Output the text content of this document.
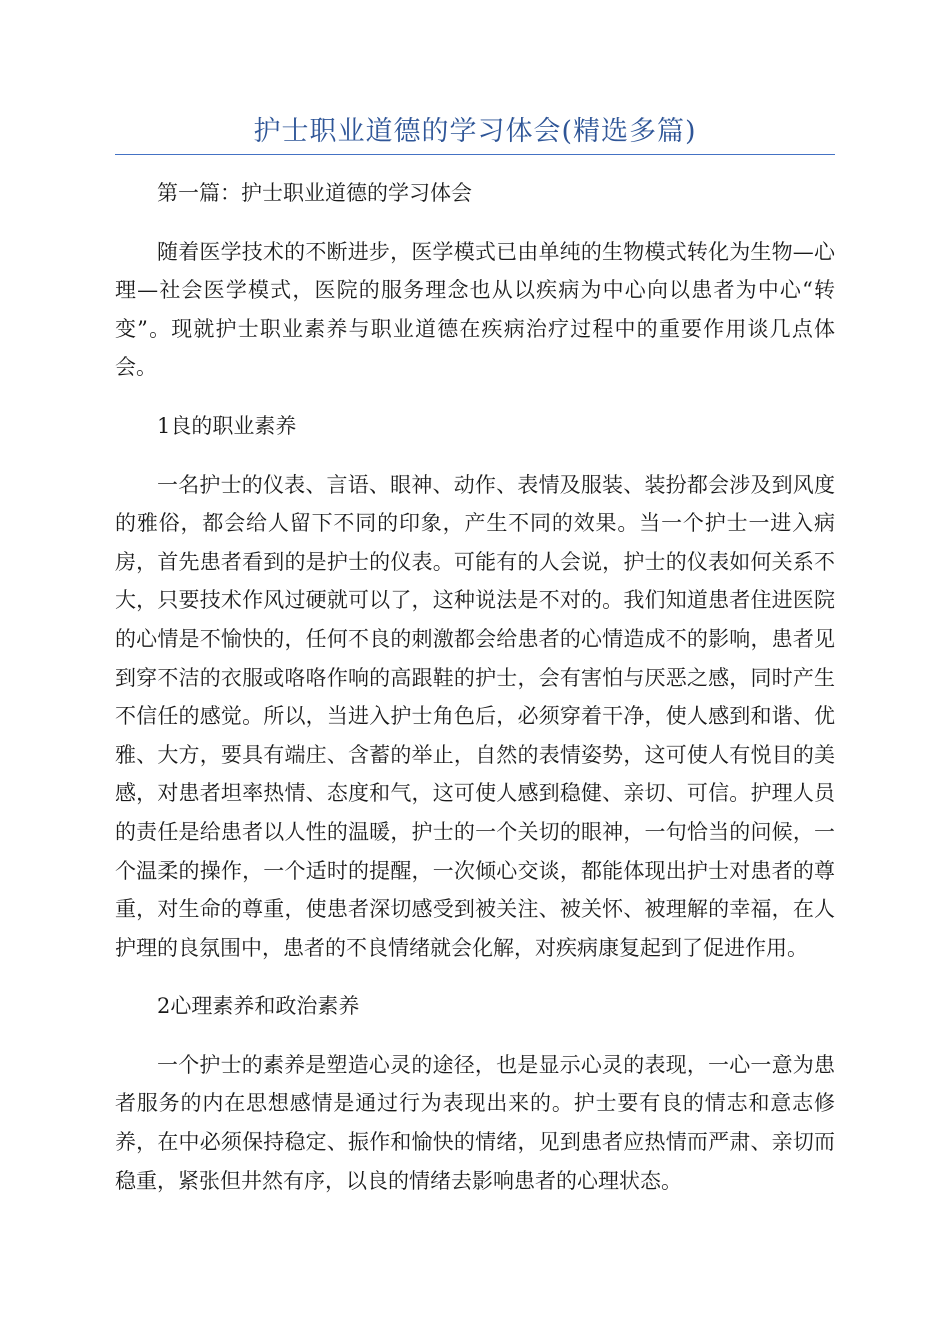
护士职业道德的学习体会(精选多篇)

第一篇：护士职业道德的学习体会

随着医学技术的不断进步，医学模式已由单纯的生物模式转化为生物—心理—社会医学模式，医院的服务理念也从以疾病为中心向以患者为中心“转变”。现就护士职业素养与职业道德在疾病治疗过程中的重要作用谈几点体会。

1良的职业素养

一名护士的仪表、言语、眼神、动作、表情及服装、装扮都会涉及到风度的雅俗，都会给人留下不同的印象，产生不同的效果。当一个护士一进入病房，首先患者看到的是护士的仪表。可能有的人会说，护士的仪表如何关系不大，只要技术作风过硬就可以了，这种说法是不对的。我们知道患者住进医院的心情是不愉快的，任何不良的刺激都会给患者的心情造成不的影响，患者见到穿不洁的衣服或咯咯作响的高跟鞋的护士，会有害怕与厌恶之感，同时产生不信任的感觉。所以，当进入护士角色后，必须穿着干净，使人感到和谐、优雅、大方，要具有端庄、含蓄的举止，自然的表情姿势，这可使人有悦目的美感，对患者坦率热情、态度和气，这可使人感到稳健、亲切、可信。护理人员的责任是给患者以人性的温暖，护士的一个关切的眼神，一句恰当的问候，一个温柔的操作，一个适时的提醒，一次倾心交谈，都能体现出护士对患者的尊重，对生命的尊重，使患者深切感受到被关注、被关怀、被理解的幸福，在人护理的良氛围中，患者的不良情绪就会化解，对疾病康复起到了促进作用。

2心理素养和政治素养

一个护士的素养是塑造心灵的途径，也是显示心灵的表现，一心一意为患者服务的内在思想感情是通过行为表现出来的。护士要有良的情志和意志修养，在中必须保持稳定、振作和愉快的情绪，见到患者应热情而严肃、亲切而稳重，紧张但井然有序，以良的情绪去影响患者的心理状态。
